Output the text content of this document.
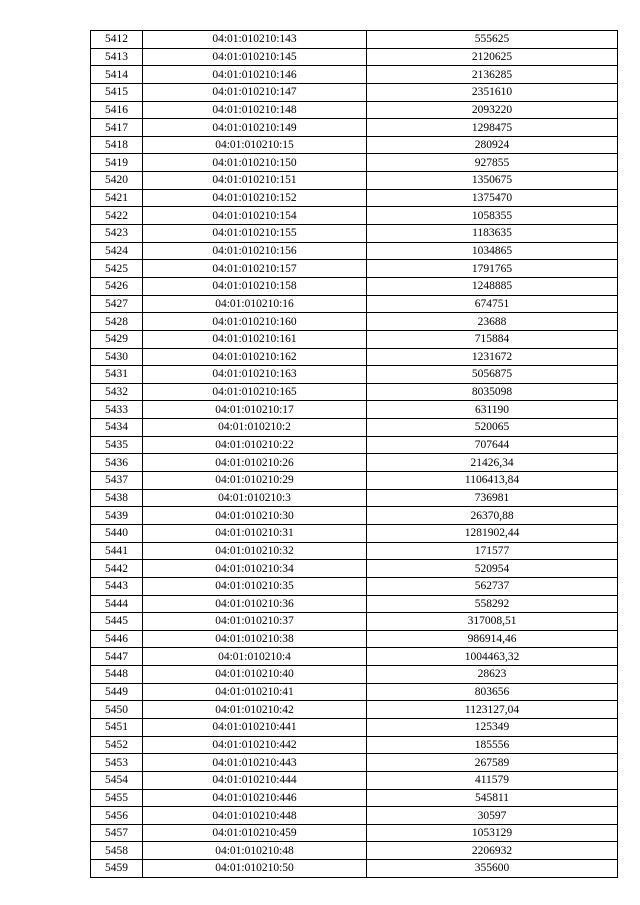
5412	04:01:010210:143	555625
5413	04:01:010210:145	2120625
5414	04:01:010210:146	2136285
5415	04:01:010210:147	2351610
5416	04:01:010210:148	2093220
5417	04:01:010210:149	1298475
5418	04:01:010210:15	280924
5419	04:01:010210:150	927855
5420	04:01:010210:151	1350675
5421	04:01:010210:152	1375470
5422	04:01:010210:154	1058355
5423	04:01:010210:155	1183635
5424	04:01:010210:156	1034865
5425	04:01:010210:157	1791765
5426	04:01:010210:158	1248885
5427	04:01:010210:16	674751
5428	04:01:010210:160	23688
5429	04:01:010210:161	715884
5430	04:01:010210:162	1231672
5431	04:01:010210:163	5056875
5432	04:01:010210:165	8035098
5433	04:01:010210:17	631190
5434	04:01:010210:2	520065
5435	04:01:010210:22	707644
5436	04:01:010210:26	21426,34
5437	04:01:010210:29	1106413,84
5438	04:01:010210:3	736981
5439	04:01:010210:30	26370,88
5440	04:01:010210:31	1281902,44
5441	04:01:010210:32	171577
5442	04:01:010210:34	520954
5443	04:01:010210:35	562737
5444	04:01:010210:36	558292
5445	04:01:010210:37	317008,51
5446	04:01:010210:38	986914,46
5447	04:01:010210:4	1004463,32
5448	04:01:010210:40	28623
5449	04:01:010210:41	803656
5450	04:01:010210:42	1123127,04
5451	04:01:010210:441	125349
5452	04:01:010210:442	185556
5453	04:01:010210:443	267589
5454	04:01:010210:444	411579
5455	04:01:010210:446	545811
5456	04:01:010210:448	30597
5457	04:01:010210:459	1053129
5458	04:01:010210:48	2206932
5459	04:01:010210:50	355600
